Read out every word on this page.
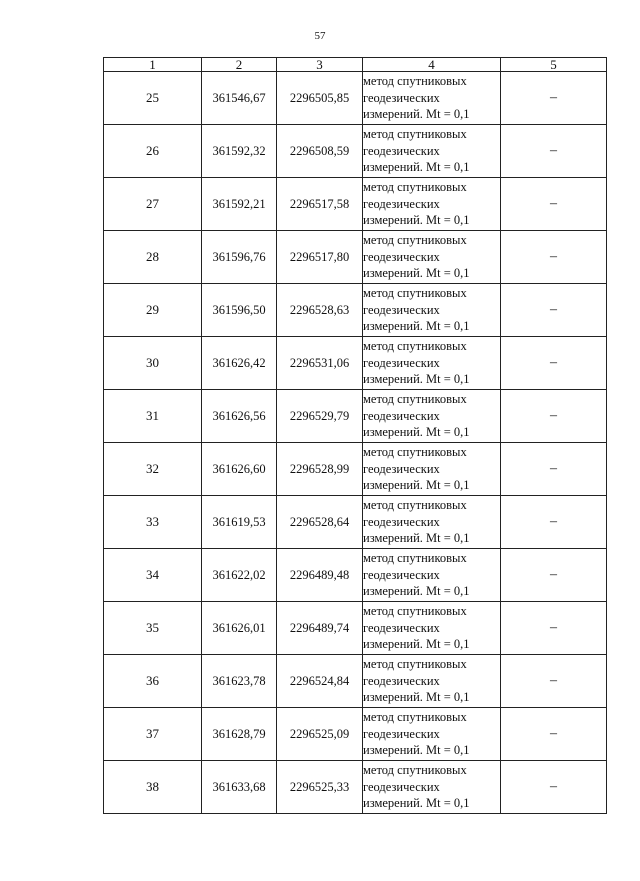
57
1	2	3	4	5
25	361546,67	2296505,85	метод спутниковых
геодезических
измерений. Mt = 0,1	–
26	361592,32	2296508,59	метод спутниковых
геодезических
измерений. Mt = 0,1	–
27	361592,21	2296517,58	метод спутниковых
геодезических
измерений. Mt = 0,1	–
28	361596,76	2296517,80	метод спутниковых
геодезических
измерений. Mt = 0,1	–
29	361596,50	2296528,63	метод спутниковых
геодезических
измерений. Mt = 0,1	–
30	361626,42	2296531,06	метод спутниковых
геодезических
измерений. Mt = 0,1	–
31	361626,56	2296529,79	метод спутниковых
геодезических
измерений. Mt = 0,1	–
32	361626,60	2296528,99	метод спутниковых
геодезических
измерений. Mt = 0,1	–
33	361619,53	2296528,64	метод спутниковых
геодезических
измерений. Mt = 0,1	–
34	361622,02	2296489,48	метод спутниковых
геодезических
измерений. Mt = 0,1	–
35	361626,01	2296489,74	метод спутниковых
геодезических
измерений. Mt = 0,1	–
36	361623,78	2296524,84	метод спутниковых
геодезических
измерений. Mt = 0,1	–
37	361628,79	2296525,09	метод спутниковых
геодезических
измерений. Mt = 0,1	–
38	361633,68	2296525,33	метод спутниковых
геодезических
измерений. Mt = 0,1	–
